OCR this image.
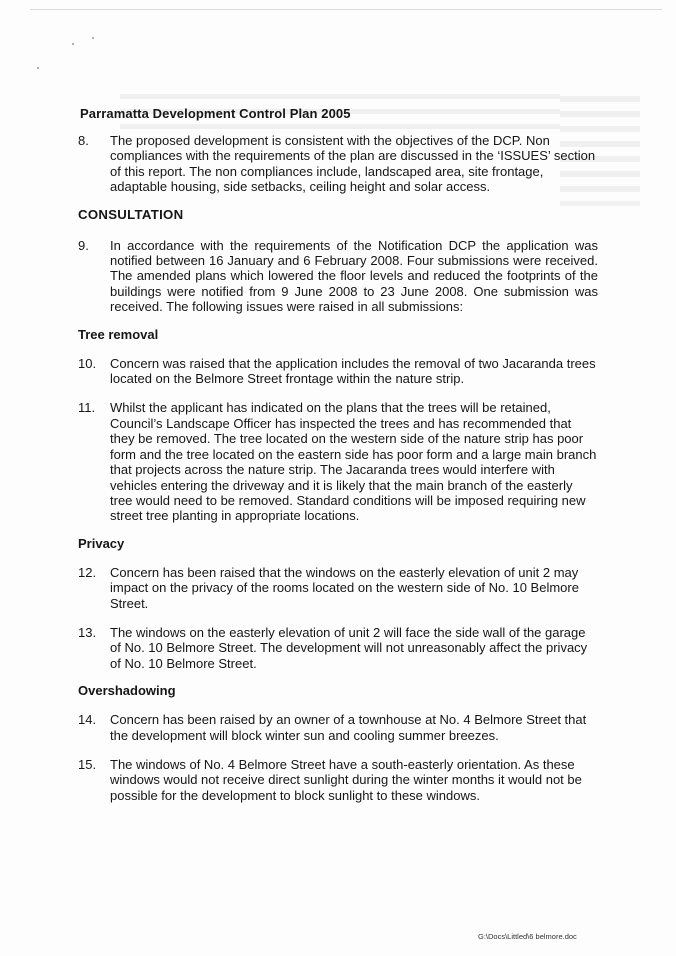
Parramatta Development Control Plan 2005
8. The proposed development is consistent with the objectives of the DCP. Non compliances with the requirements of the plan are discussed in the ‘ISSUES’ section of this report. The non compliances include, landscaped area, site frontage, adaptable housing, side setbacks, ceiling height and solar access.
CONSULTATION
9. In accordance with the requirements of the Notification DCP the application was notified between 16 January and 6 February 2008. Four submissions were received. The amended plans which lowered the floor levels and reduced the footprints of the buildings were notified from 9 June 2008 to 23 June 2008. One submission was received. The following issues were raised in all submissions:
Tree removal
10. Concern was raised that the application includes the removal of two Jacaranda trees located on the Belmore Street frontage within the nature strip.
11. Whilst the applicant has indicated on the plans that the trees will be retained, Council’s Landscape Officer has inspected the trees and has recommended that they be removed. The tree located on the western side of the nature strip has poor form and the tree located on the eastern side has poor form and a large main branch that projects across the nature strip. The Jacaranda trees would interfere with vehicles entering the driveway and it is likely that the main branch of the easterly tree would need to be removed. Standard conditions will be imposed requiring new street tree planting in appropriate locations.
Privacy
12. Concern has been raised that the windows on the easterly elevation of unit 2 may impact on the privacy of the rooms located on the western side of No. 10 Belmore Street.
13. The windows on the easterly elevation of unit 2 will face the side wall of the garage of No. 10 Belmore Street. The development will not unreasonably affect the privacy of No. 10 Belmore Street.
Overshadowing
14. Concern has been raised by an owner of a townhouse at No. 4 Belmore Street that the development will block winter sun and cooling summer breezes.
15. The windows of No. 4 Belmore Street have a south-easterly orientation. As these windows would not receive direct sunlight during the winter months it would not be possible for the development to block sunlight to these windows.
G:\Docs\Littled\6 belmore.doc
